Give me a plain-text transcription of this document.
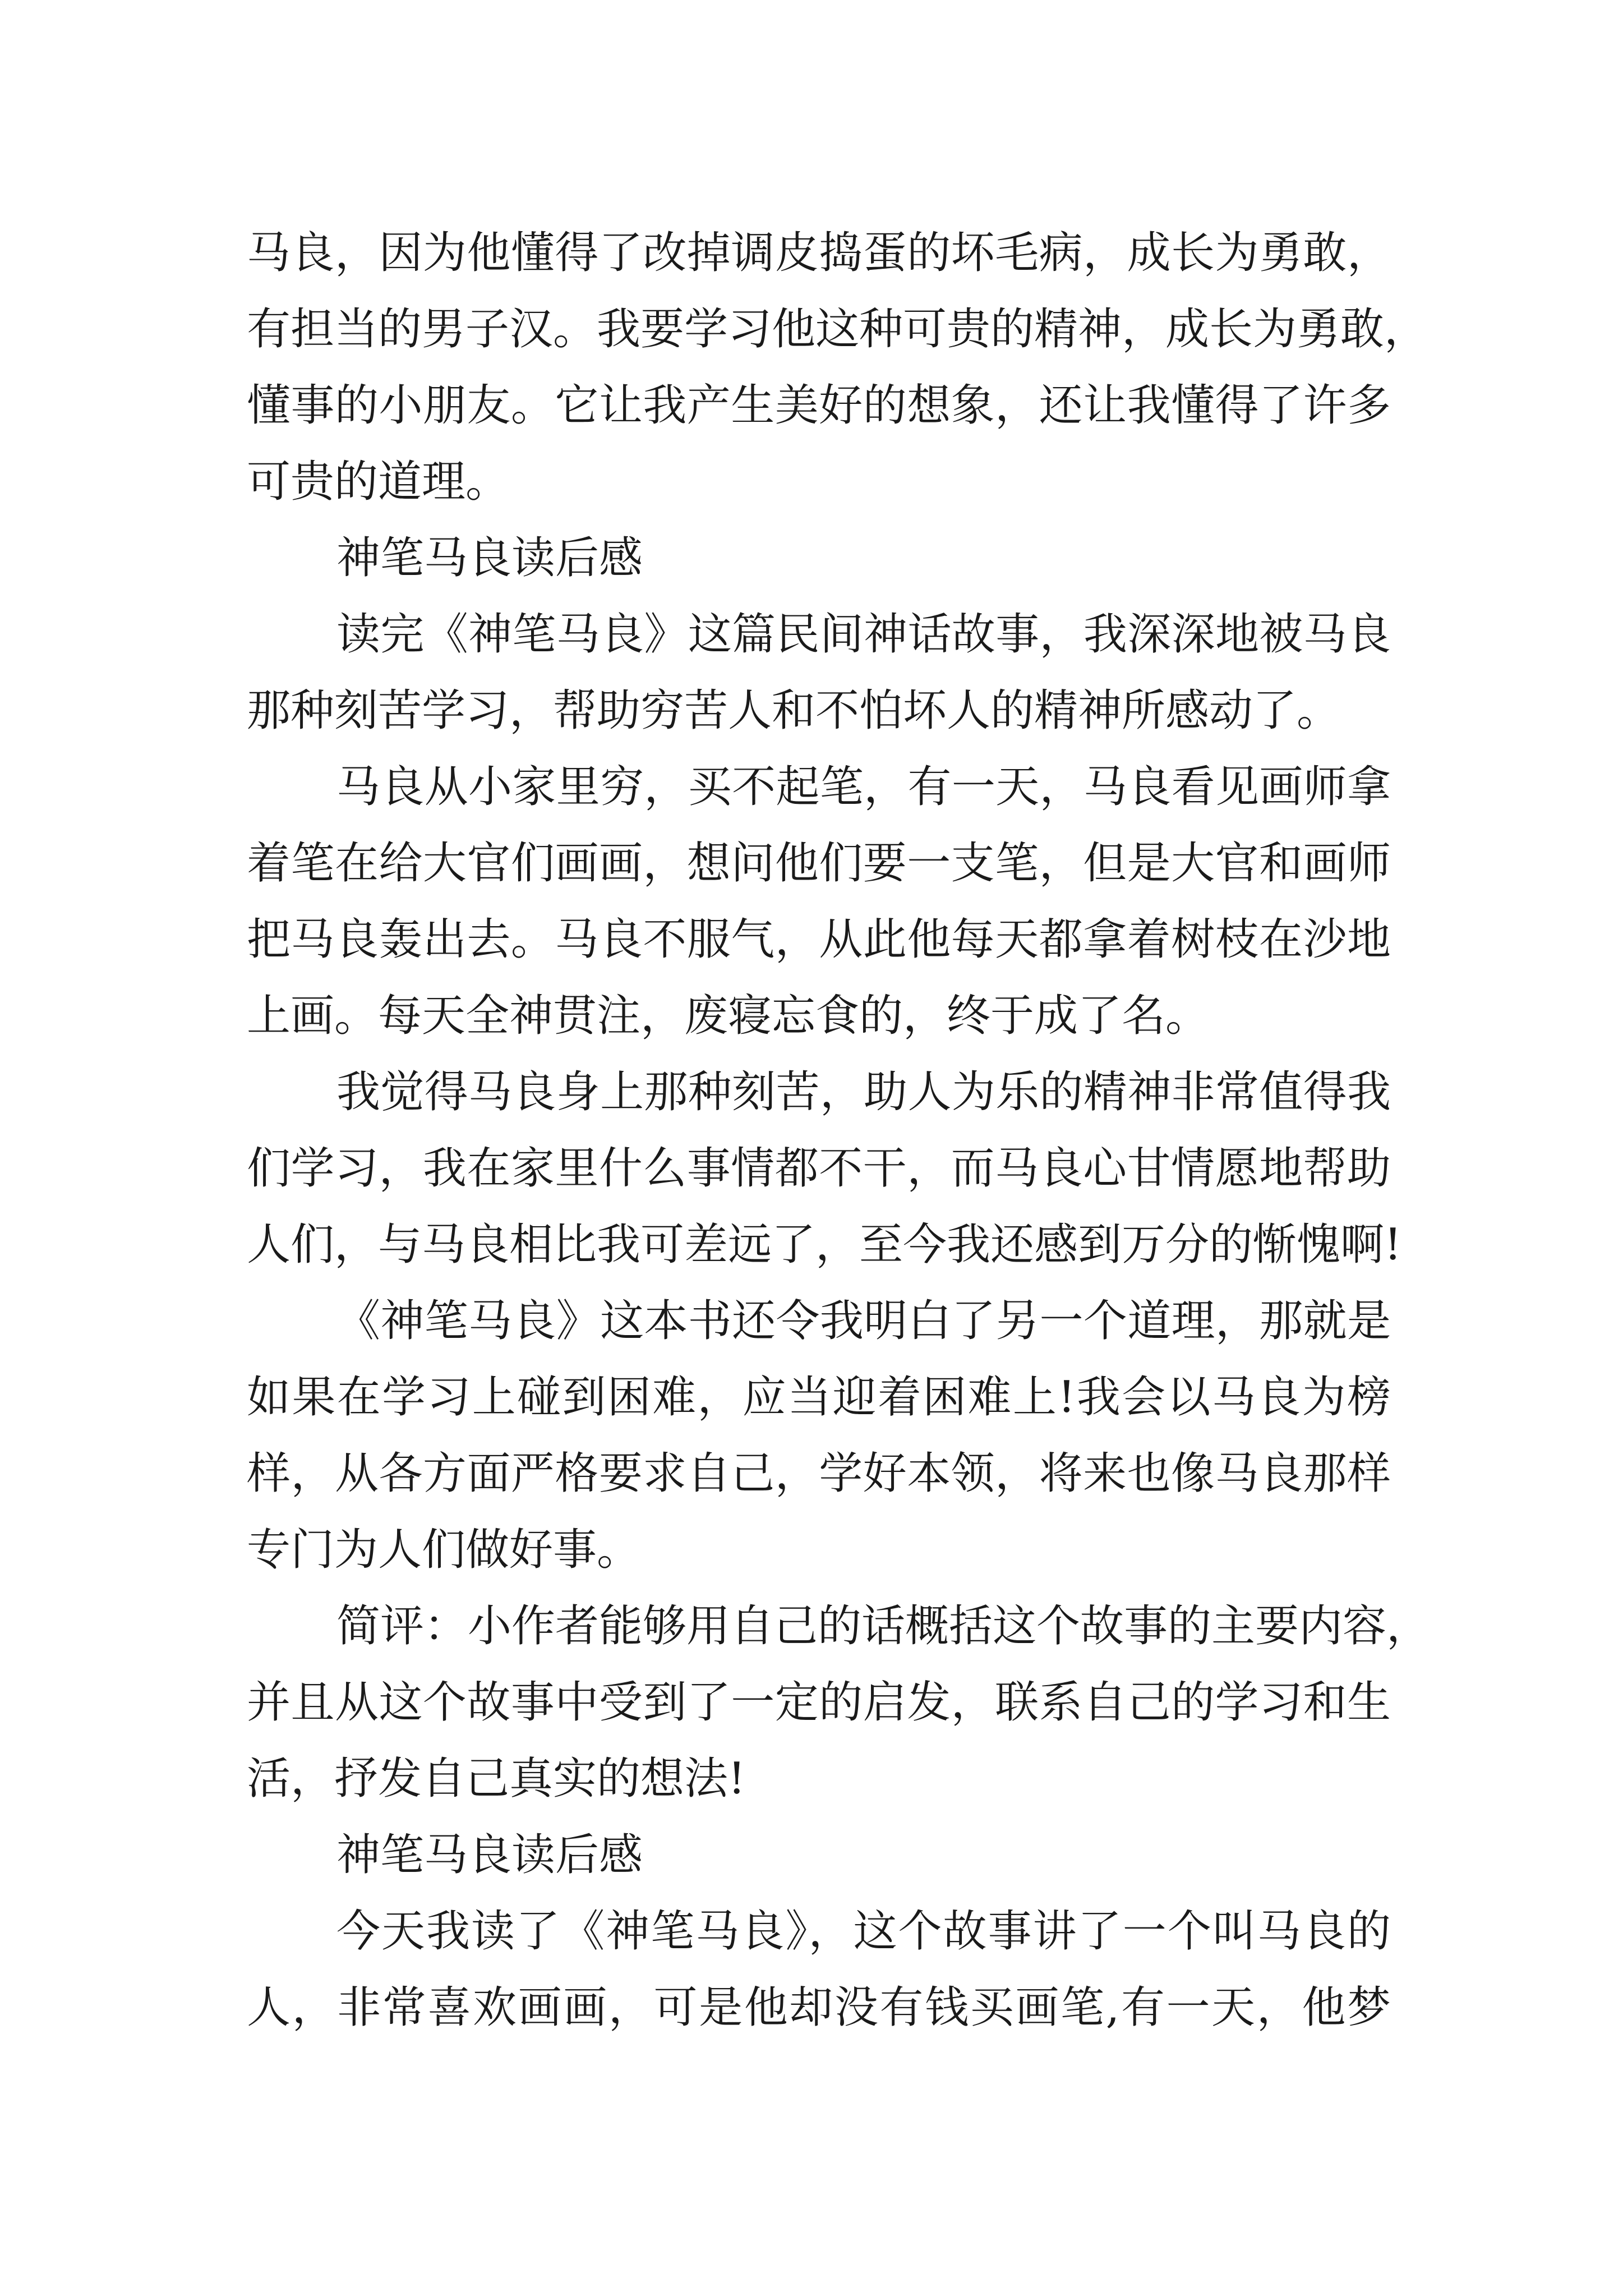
马良，因为他懂得了改掉调皮捣蛋的坏毛病，成长为勇敢，
有担当的男子汉。我要学习他这种可贵的精神，成长为勇敢，
懂事的小朋友。它让我产生美好的想象，还让我懂得了许多
可贵的道理。
神笔马良读后感
读完《神笔马良》这篇民间神话故事，我深深地被马良
那种刻苦学习，帮助穷苦人和不怕坏人的精神所感动了。
马良从小家里穷，买不起笔，有一天，马良看见画师拿
着笔在给大官们画画，想问他们要一支笔，但是大官和画师
把马良轰出去。马良不服气，从此他每天都拿着树枝在沙地
上画。每天全神贯注，废寝忘食的，终于成了名。
我觉得马良身上那种刻苦，助人为乐的精神非常值得我
们学习，我在家里什么事情都不干，而马良心甘情愿地帮助
人们，与马良相比我可差远了，至今我还感到万分的惭愧啊!
《神笔马良》这本书还令我明白了另一个道理，那就是
如果在学习上碰到困难，应当迎着困难上!我会以马良为榜
样，从各方面严格要求自己，学好本领，将来也像马良那样
专门为人们做好事。
简评：小作者能够用自己的话概括这个故事的主要内容，
并且从这个故事中受到了一定的启发，联系自己的学习和生
活，抒发自己真实的想法!
神笔马良读后感
今天我读了《神笔马良》，这个故事讲了一个叫马良的
人，非常喜欢画画，可是他却没有钱买画笔,有一天，他梦
